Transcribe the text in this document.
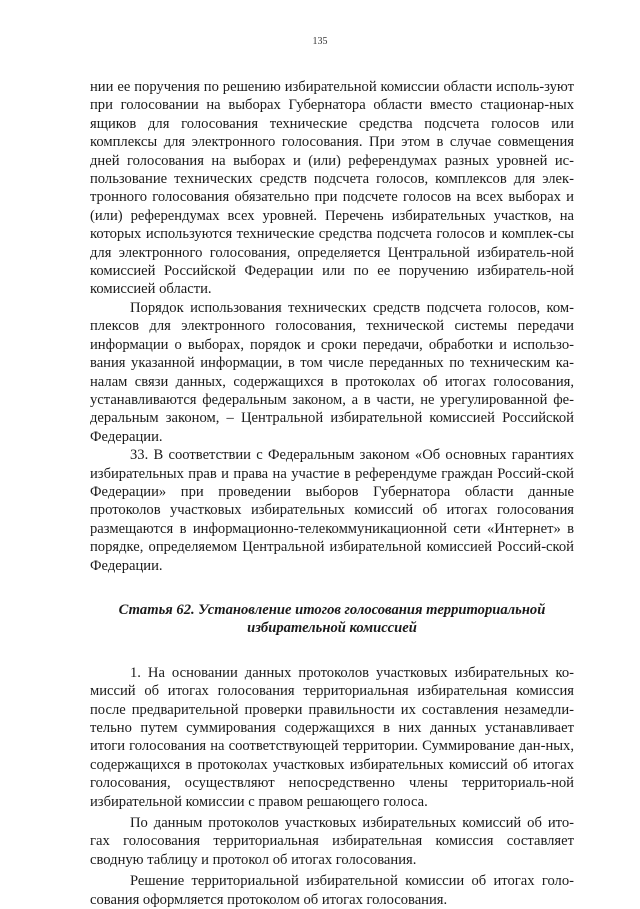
135

нии ее поручения по решению избирательной комиссии области исполь-зуют при голосовании на выборах Губернатора области вместо стационар-ных ящиков для голосования технические средства подсчета голосов или комплексы для электронного голосования. При этом в случае совмещения дней голосования на выборах и (или) референдумах разных уровней ис-пользование технических средств подсчета голосов, комплексов для элек-тронного голосования обязательно при подсчете голосов на всех выборах и (или) референдумах всех уровней. Перечень избирательных участков, на которых используются технические средства подсчета голосов и комплек-сы для электронного голосования, определяется Центральной избиратель-ной комиссией Российской Федерации или по ее поручению избиратель-ной комиссией области.

Порядок использования технических средств подсчета голосов, ком-плексов для электронного голосования, технической системы передачи информации о выборах, порядок и сроки передачи, обработки и использо-вания указанной информации, в том числе переданных по техническим ка-налам связи данных, содержащихся в протоколах об итогах голосования, устанавливаются федеральным законом, а в части, не урегулированной фе-деральным законом, – Центральной избирательной комиссией Российской Федерации.

33. В соответствии с Федеральным законом «Об основных гарантиях избирательных прав и права на участие в референдуме граждан Россий-ской Федерации» при проведении выборов Губернатора области данные протоколов участковых избирательных комиссий об итогах голосования размещаются в информационно-телекоммуникационной сети «Интернет» в порядке, определяемом Центральной избирательной комиссией Россий-ской Федерации.

Статья 62. Установление итогов голосования территориальной
избирательной комиссией

1. На основании данных протоколов участковых избирательных ко-миссий об итогах голосования территориальная избирательная комиссия после предварительной проверки правильности их составления незамедли-тельно путем суммирования содержащихся в них данных устанавливает итоги голосования на соответствующей территории. Суммирование дан-ных, содержащихся в протоколах участковых избирательных комиссий об итогах голосования, осуществляют непосредственно члены территориаль-ной избирательной комиссии с правом решающего голоса.

По данным протоколов участковых избирательных комиссий об ито-гах голосования территориальная избирательная комиссия составляет сводную таблицу и протокол об итогах голосования.

Решение территориальной избирательной комиссии об итогах голо-сования оформляется протоколом об итогах голосования.
